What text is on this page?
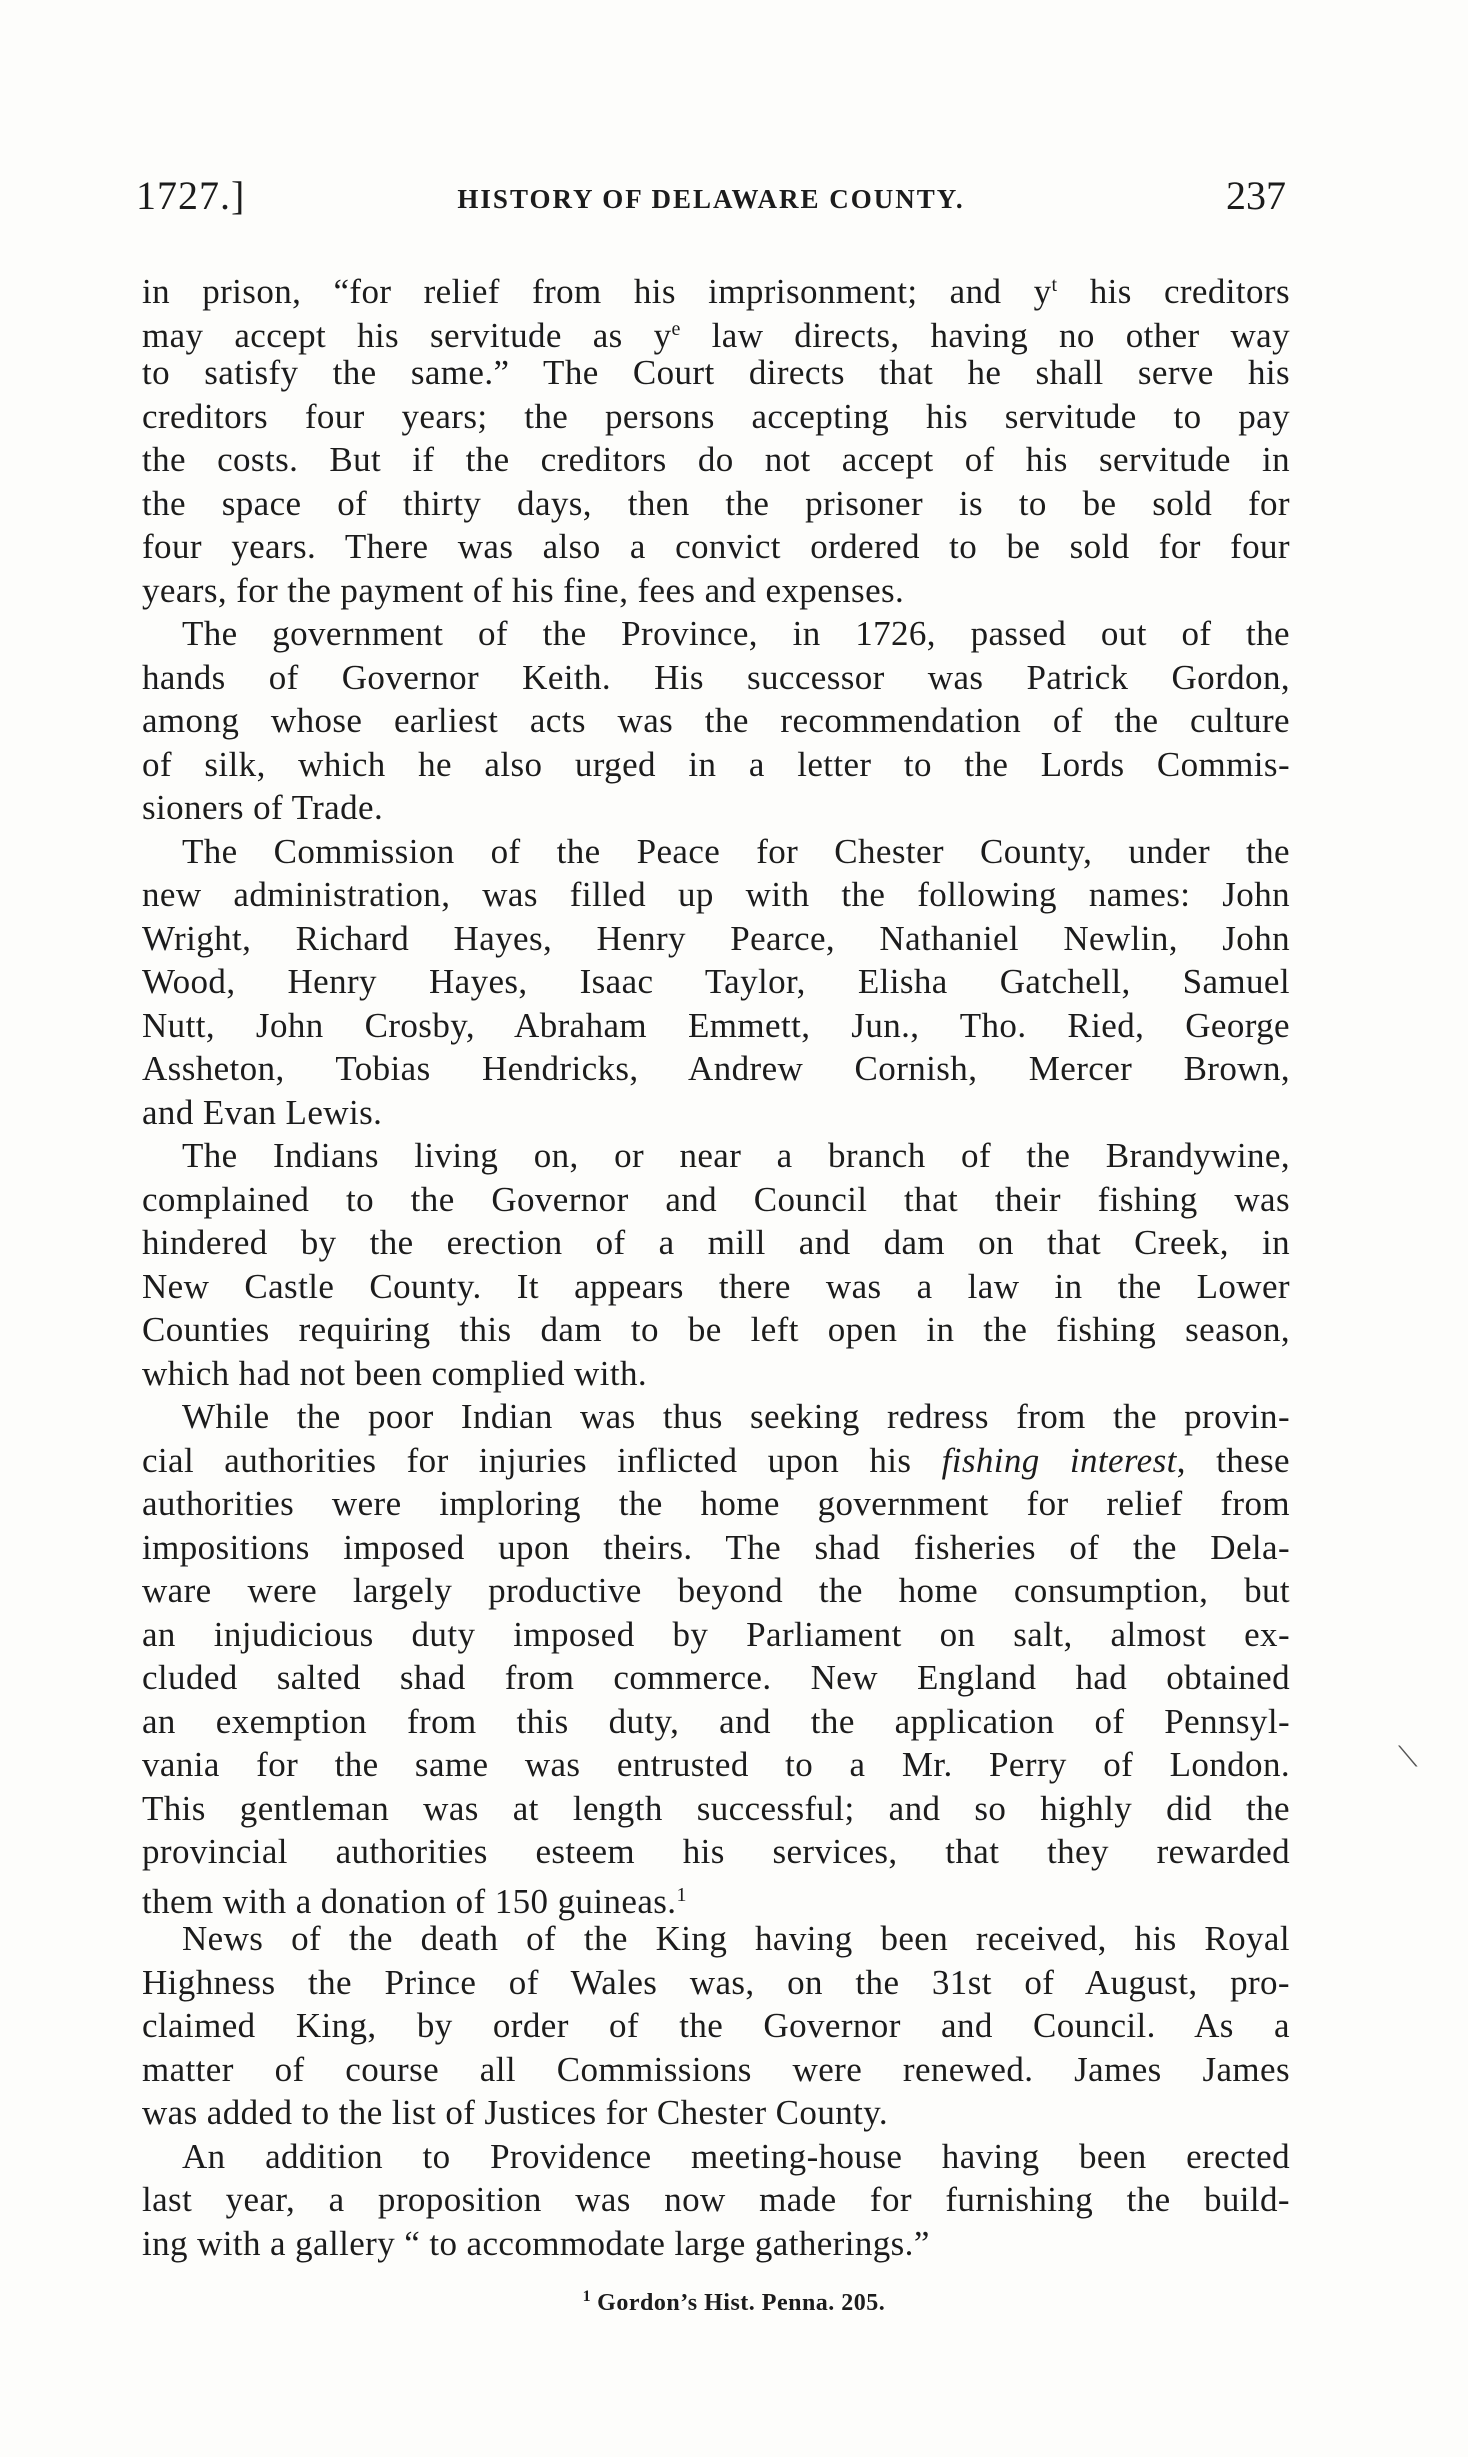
1727.]	HISTORY OF DELAWARE COUNTY.	237
in prison, “for relief from his imprisonment; and $y^t$ his creditors
may accept his servitude as $y^e$ law directs, having no other way
to satisfy the same.” The Court directs that he shall serve his
creditors four years; the persons accepting his servitude to pay
the costs. But if the creditors do not accept of his servitude in
the space of thirty days, then the prisoner is to be sold for
four years. There was also a convict ordered to be sold for four
years, for the payment of his fine, fees and expenses.
The government of the Province, in 1726, passed out of the
hands of Governor Keith. His successor was Patrick Gordon,
among whose earliest acts was the recommendation of the culture
of silk, which he also urged in a letter to the Lords Commis-
sioners of Trade.
The Commission of the Peace for Chester County, under the
new administration, was filled up with the following names: John
Wright, Richard Hayes, Henry Pearce, Nathaniel Newlin, John
Wood, Henry Hayes, Isaac Taylor, Elisha Gatchell, Samuel
Nutt, John Crosby, Abraham Emmett, Jun., Tho. Ried, George
Assheton, Tobias Hendricks, Andrew Cornish, Mercer Brown,
and Evan Lewis.
The Indians living on, or near a branch of the Brandywine,
complained to the Governor and Council that their fishing was
hindered by the erection of a mill and dam on that Creek, in
New Castle County. It appears there was a law in the Lower
Counties requiring this dam to be left open in the fishing season,
which had not been complied with.
While the poor Indian was thus seeking redress from the provin-
cial authorities for injuries inflicted upon his fishing interest, these
authorities were imploring the home government for relief from
impositions imposed upon theirs. The shad fisheries of the Dela-
ware were largely productive beyond the home consumption, but
an injudicious duty imposed by Parliament on salt, almost ex-
cluded salted shad from commerce. New England had obtained
an exemption from this duty, and the application of Pennsyl-
vania for the same was entrusted to a Mr. Perry of London.
This gentleman was at length successful; and so highly did the
provincial authorities esteem his services, that they rewarded
them with a donation of 150 guineas.$^1$
News of the death of the King having been received, his Royal
Highness the Prince of Wales was, on the 31st of August, pro-
claimed King, by order of the Governor and Council. As a
matter of course all Commissions were renewed. James James
was added to the list of Justices for Chester County.
An addition to Providence meeting-house having been erected
last year, a proposition was now made for furnishing the build-
ing with a gallery “ to accommodate large gatherings.”
$^1$ Gordon’s Hist. Penna. 205.
⟍
